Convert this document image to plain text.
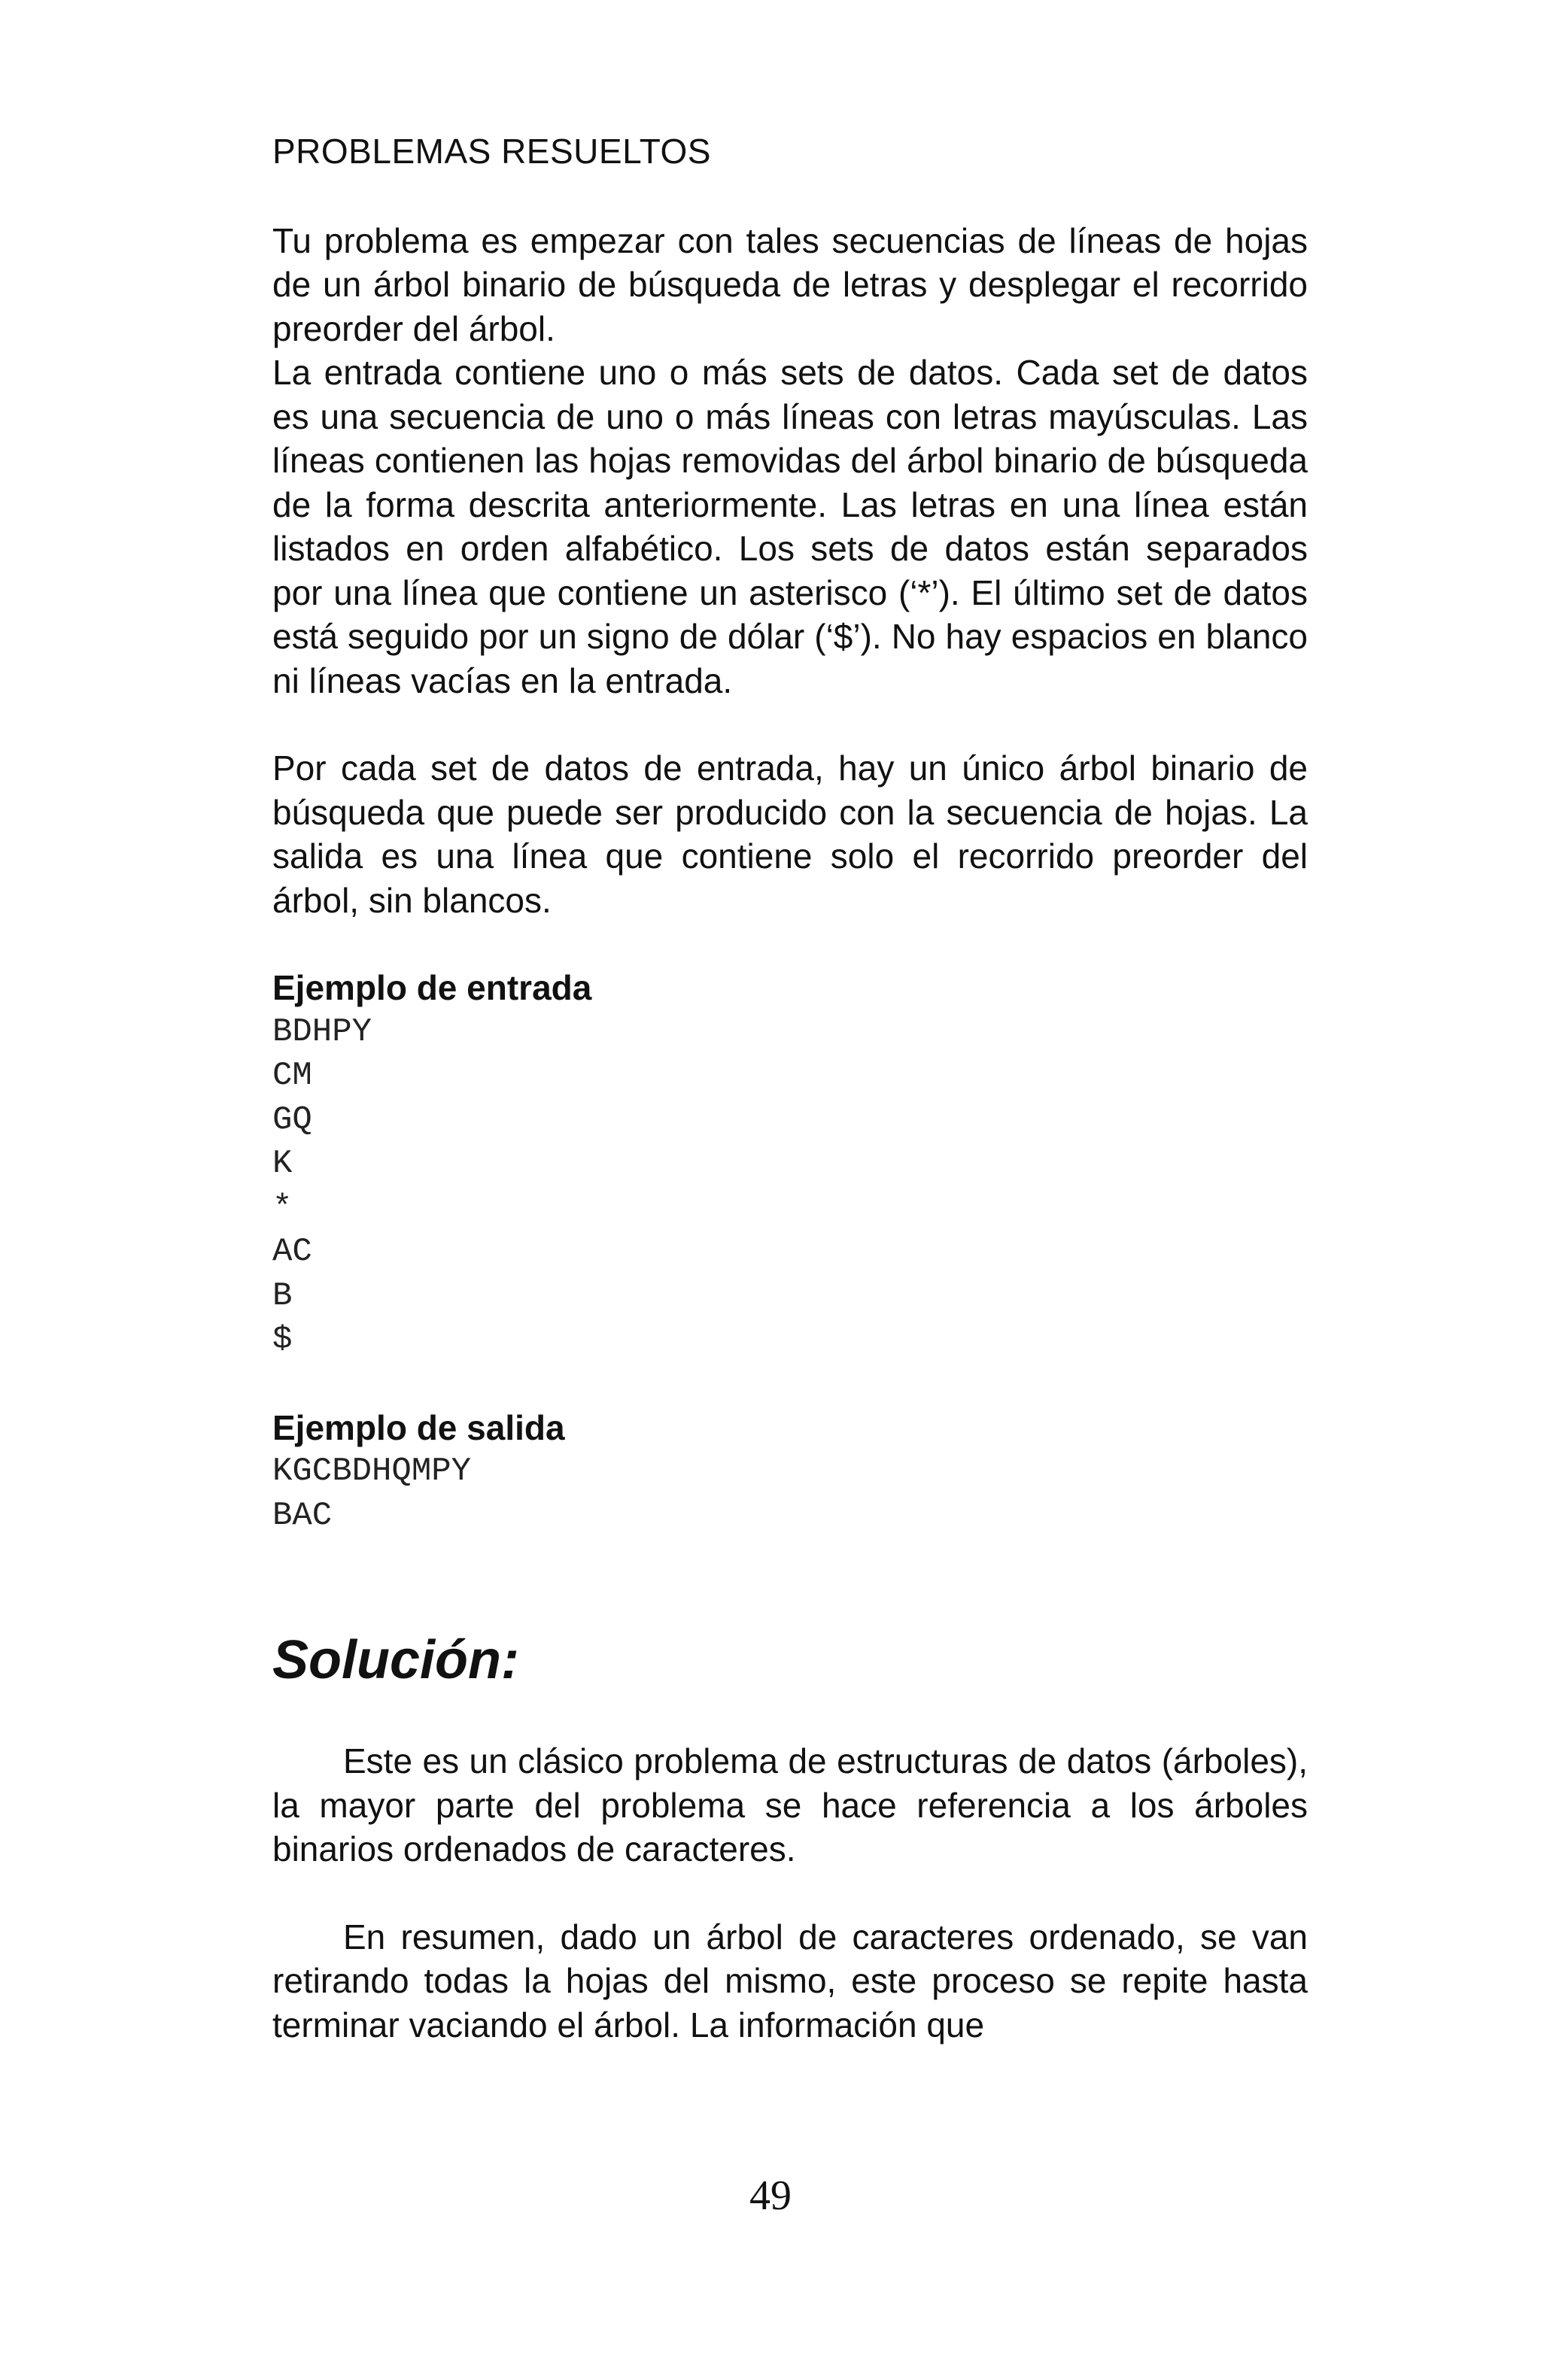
PROBLEMAS RESUELTOS

Tu problema es empezar con tales secuencias de líneas de hojas de un árbol binario de búsqueda de letras y desplegar el recorrido preorder del árbol.

La entrada contiene uno o más sets de datos. Cada set de datos es una secuencia de uno o más líneas con letras mayúsculas. Las líneas contienen las hojas removidas del árbol binario de búsqueda de la forma descrita anteriormente. Las letras en una línea están listados en orden alfabético. Los sets de datos están separados por una línea que contiene un asterisco (‘*’). El último set de datos está seguido por un signo de dólar (‘$’). No hay espacios en blanco ni líneas vacías en la entrada.

Por cada set de datos de entrada, hay un único árbol binario de búsqueda que puede ser producido con la secuencia de hojas. La salida es una línea que contiene solo el recorrido preorder del árbol, sin blancos.

Ejemplo de entrada

BDHPY

CM

GQ

K

*

AC

B

$

Ejemplo de salida

KGCBDHQMPY

BAC

Solución:

Este es un clásico problema de estructuras de datos (árboles), la mayor parte del problema se hace referencia a los árboles binarios ordenados de caracteres.

En resumen, dado un árbol de caracteres ordenado, se van retirando todas la hojas del mismo, este proceso se repite hasta terminar vaciando el árbol. La información que

49
